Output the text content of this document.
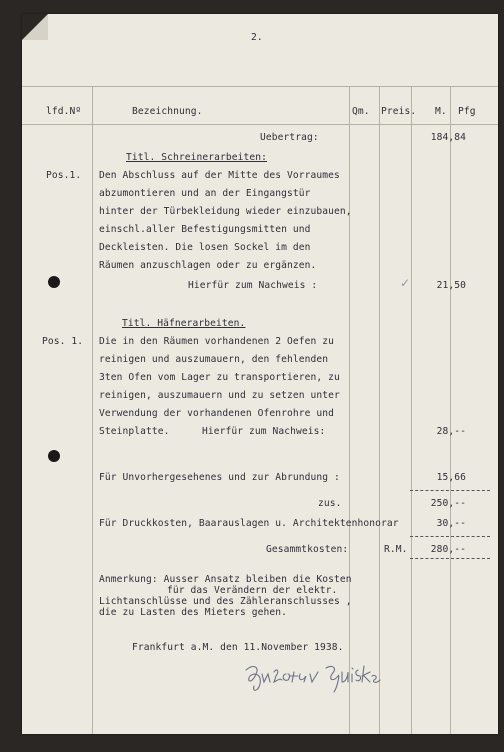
2.
lfd.Nº	Bezeichnung.	Qm. Preis. M. Pfg
Uebertrag:	184,84
Titl. Schreinerarbeiten:
Pos.1. Den Abschluss auf der Mitte des Vorraumes
abzumontieren und an der Eingangstür
hinter der Türbekleidung wieder einzubauen,
einschl.aller Befestigungsmitten und
Deckleisten. Die losen Sockel im den
Räumen anzuschlagen oder zu ergänzen.
Hierfür zum Nachweis :	✓	21,50
Titl. Häfnerarbeiten.
Pos. 1. Die in den Räumen vorhandenen 2 Oefen zu
reinigen und auszumauern, den fehlenden
3ten Ofen vom Lager zu transportieren, zu
reinigen, auszumauern und zu setzen unter
Verwendung der vorhandenen Ofenrohre und
Steinplatte.	Hierfür zum Nachweis:	28,--
Für Unvorhergesehenes und zur Abrundung :	15,66
zus.	250,--
Für Druckkosten, Baarauslagen u. Architektenhonorar	30,--
Gesammtkosten:	R.M.	280,--
Anmerkung: Ausser Ansatz bleiben die Kosten
für das Verändern der elektr.
Lichtanschlüsse und des Zähleranschlusses ,
die zu Lasten des Mieters gehen.
Frankfurt a.M. den 11.November 1938.
